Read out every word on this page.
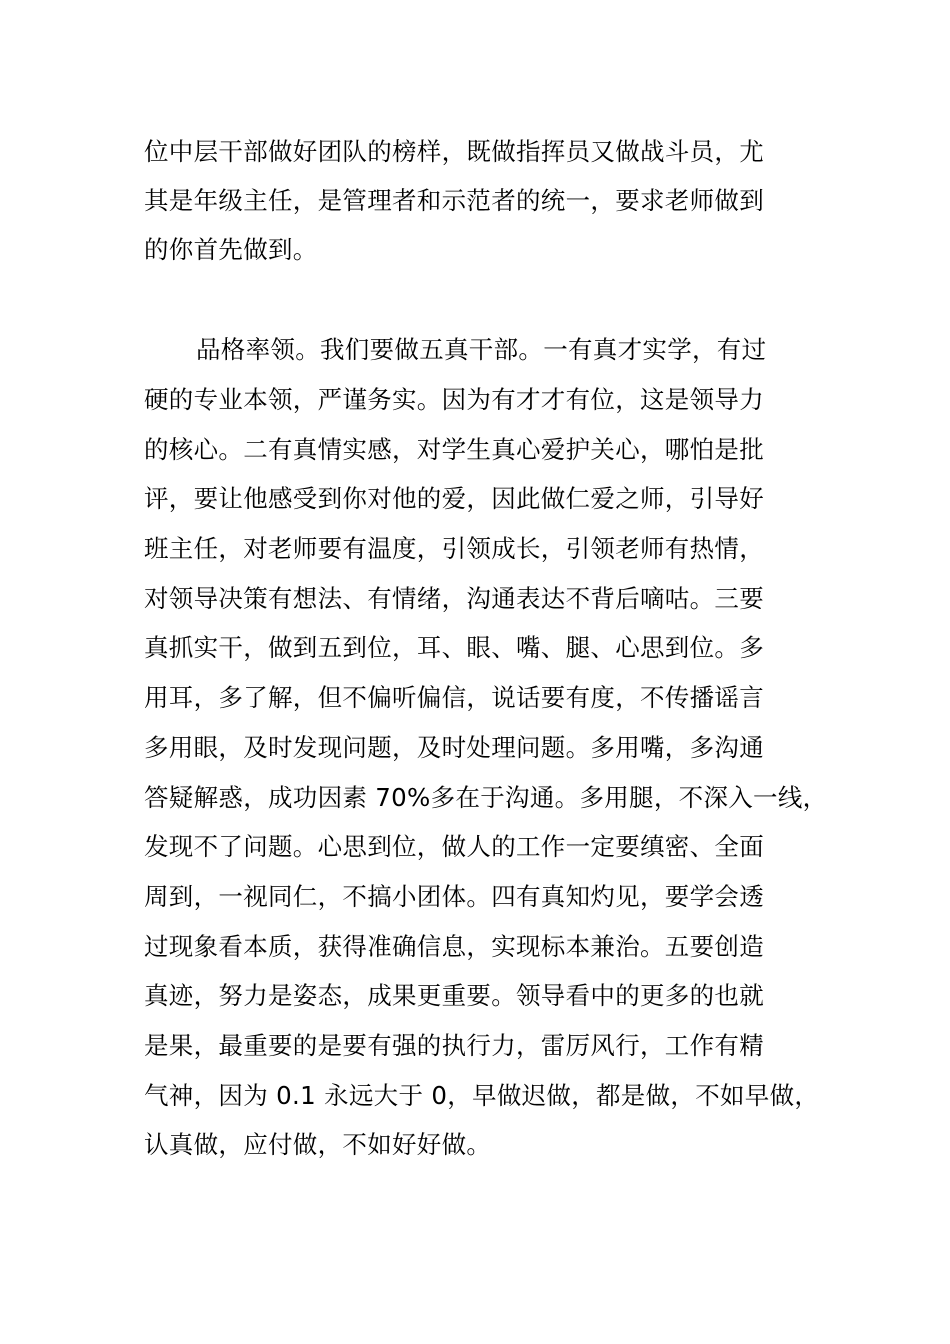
位中层干部做好团队的榜样，既做指挥员又做战斗员，尤
其是年级主任，是管理者和示范者的统一，要求老师做到
的你首先做到。
品格率领。我们要做五真干部。一有真才实学，有过
硬的专业本领，严谨务实。因为有才才有位，这是领导力
的核心。二有真情实感，对学生真心爱护关心，哪怕是批
评，要让他感受到你对他的爱，因此做仁爱之师，引导好
班主任，对老师要有温度，引领成长，引领老师有热情，
对领导决策有想法、有情绪，沟通表达不背后嘀咕。三要
真抓实干，做到五到位，耳、眼、嘴、腿、心思到位。多
用耳，多了解，但不偏听偏信，说话要有度，不传播谣言
多用眼，及时发现问题，及时处理问题。多用嘴，多沟通
答疑解惑，成功因素 70%多在于沟通。多用腿，不深入一线，
发现不了问题。心思到位，做人的工作一定要缜密、全面
周到，一视同仁，不搞小团体。四有真知灼见，要学会透
过现象看本质，获得准确信息，实现标本兼治。五要创造
真迹，努力是姿态，成果更重要。领导看中的更多的也就
是果，最重要的是要有强的执行力，雷厉风行，工作有精
气神，因为 0.1 永远大于 0，早做迟做，都是做，不如早做，
认真做，应付做，不如好好做。
